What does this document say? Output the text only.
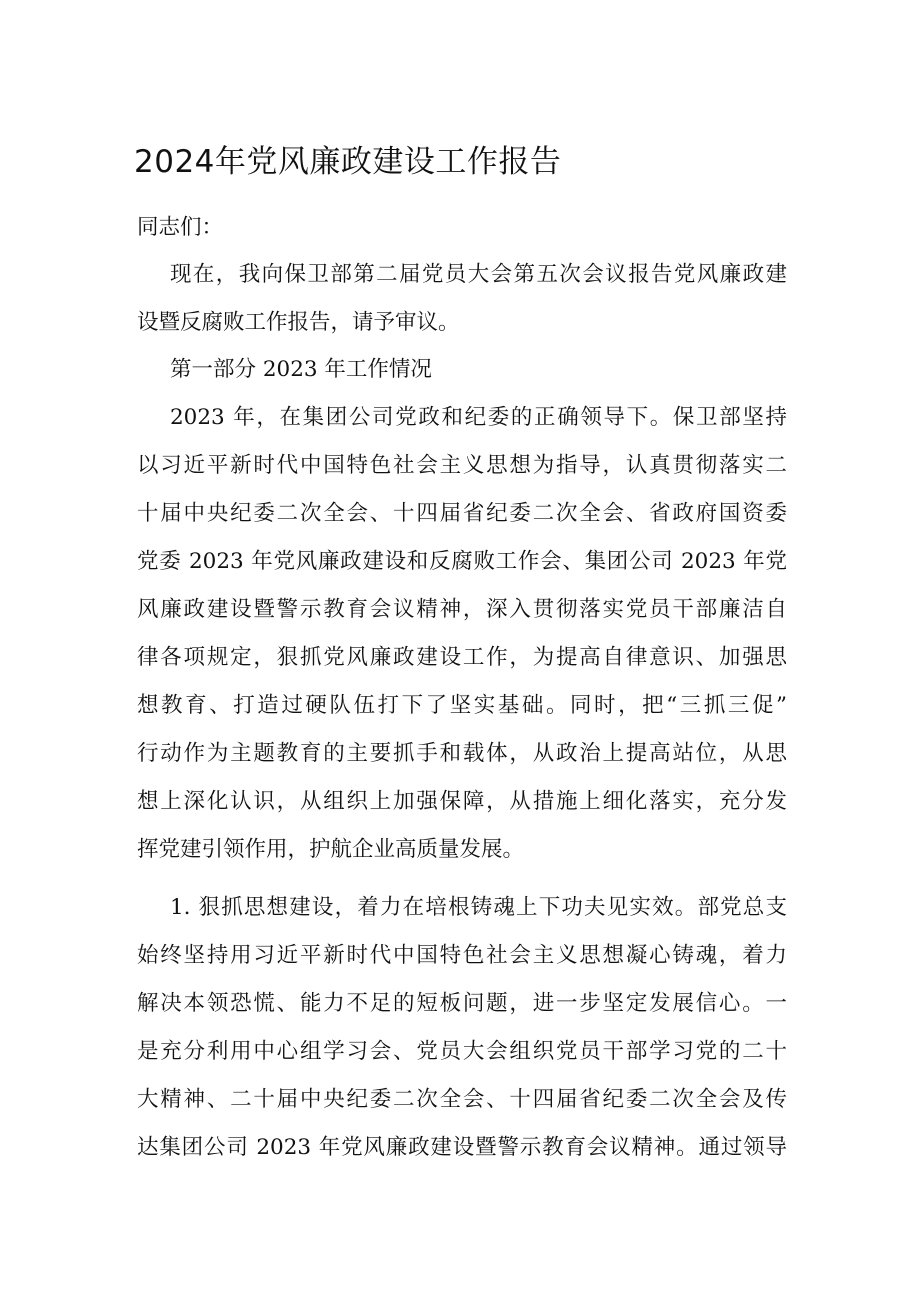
2024年党风廉政建设工作报告
同志们：
现在，我向保卫部第二届党员大会第五次会议报告党风廉政建
设暨反腐败工作报告，请予审议。
第一部分 2023 年工作情况
2023 年，在集团公司党政和纪委的正确领导下。保卫部坚持
以习近平新时代中国特色社会主义思想为指导，认真贯彻落实二
十届中央纪委二次全会、十四届省纪委二次全会、省政府国资委
党委 2023 年党风廉政建设和反腐败工作会、集团公司 2023 年党
风廉政建设暨警示教育会议精神，深入贯彻落实党员干部廉洁自
律各项规定，狠抓党风廉政建设工作，为提高自律意识、加强思
想教育、打造过硬队伍打下了坚实基础。同时，把“三抓三促”
行动作为主题教育的主要抓手和载体，从政治上提高站位，从思
想上深化认识，从组织上加强保障，从措施上细化落实，充分发
挥党建引领作用，护航企业高质量发展。
1. 狠抓思想建设，着力在培根铸魂上下功夫见实效。部党总支
始终坚持用习近平新时代中国特色社会主义思想凝心铸魂，着力
解决本领恐慌、能力不足的短板问题，进一步坚定发展信心。一
是充分利用中心组学习会、党员大会组织党员干部学习党的二十
大精神、二十届中央纪委二次全会、十四届省纪委二次全会及传
达集团公司 2023 年党风廉政建设暨警示教育会议精神。通过领导
